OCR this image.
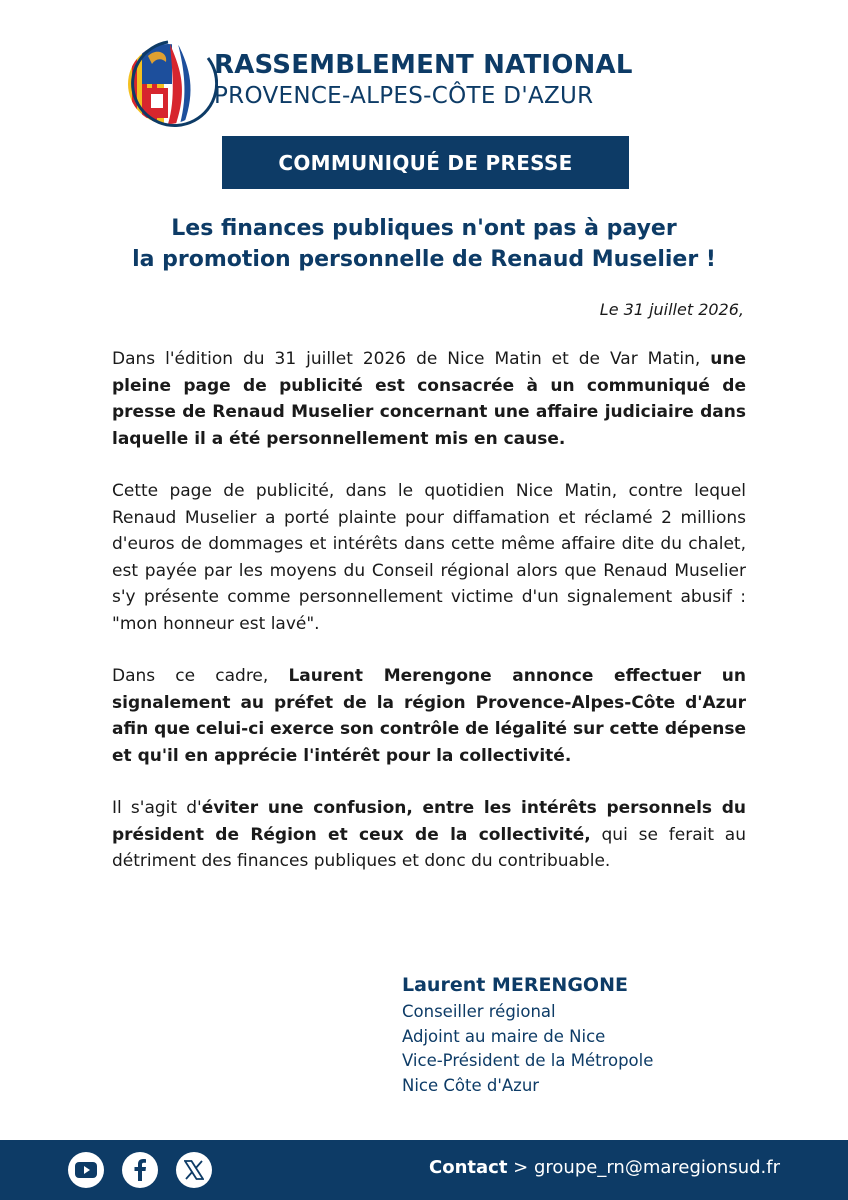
RASSEMBLEMENT NATIONAL
PROVENCE-ALPES-CÔTE D'AZUR
COMMUNIQUÉ DE PRESSE
Les finances publiques n'ont pas à payer
la promotion personnelle de Renaud Muselier !
Le 31 juillet 2026,

Dans l'édition du 31 juillet 2026 de Nice Matin et de Var Matin, une pleine page de publicité est consacrée à un communiqué de presse de Renaud Muselier concernant une affaire judiciaire dans laquelle il a été personnellement mis en cause.

Cette page de publicité, dans le quotidien Nice Matin, contre lequel Renaud Muselier a porté plainte pour diffamation et réclamé 2 millions d'euros de dommages et intérêts dans cette même affaire dite du chalet, est payée par les moyens du Conseil régional alors que Renaud Muselier s'y présente comme personnellement victime d'un signalement abusif : "mon honneur est lavé".

Dans ce cadre, Laurent Merengone annonce effectuer un signalement au préfet de la région Provence-Alpes-Côte d'Azur afin que celui-ci exerce son contrôle de légalité sur cette dépense et qu'il en apprécie l'intérêt pour la collectivité.

Il s'agit d'éviter une confusion, entre les intérêts personnels du président de Région et ceux de la collectivité, qui se ferait au détriment des finances publiques et donc du contribuable.

Laurent MERENGONE
Conseiller régional
Adjoint au maire de Nice
Vice-Président de la Métropole
Nice Côte d'Azur
Contact > groupe_rn@maregionsud.fr
